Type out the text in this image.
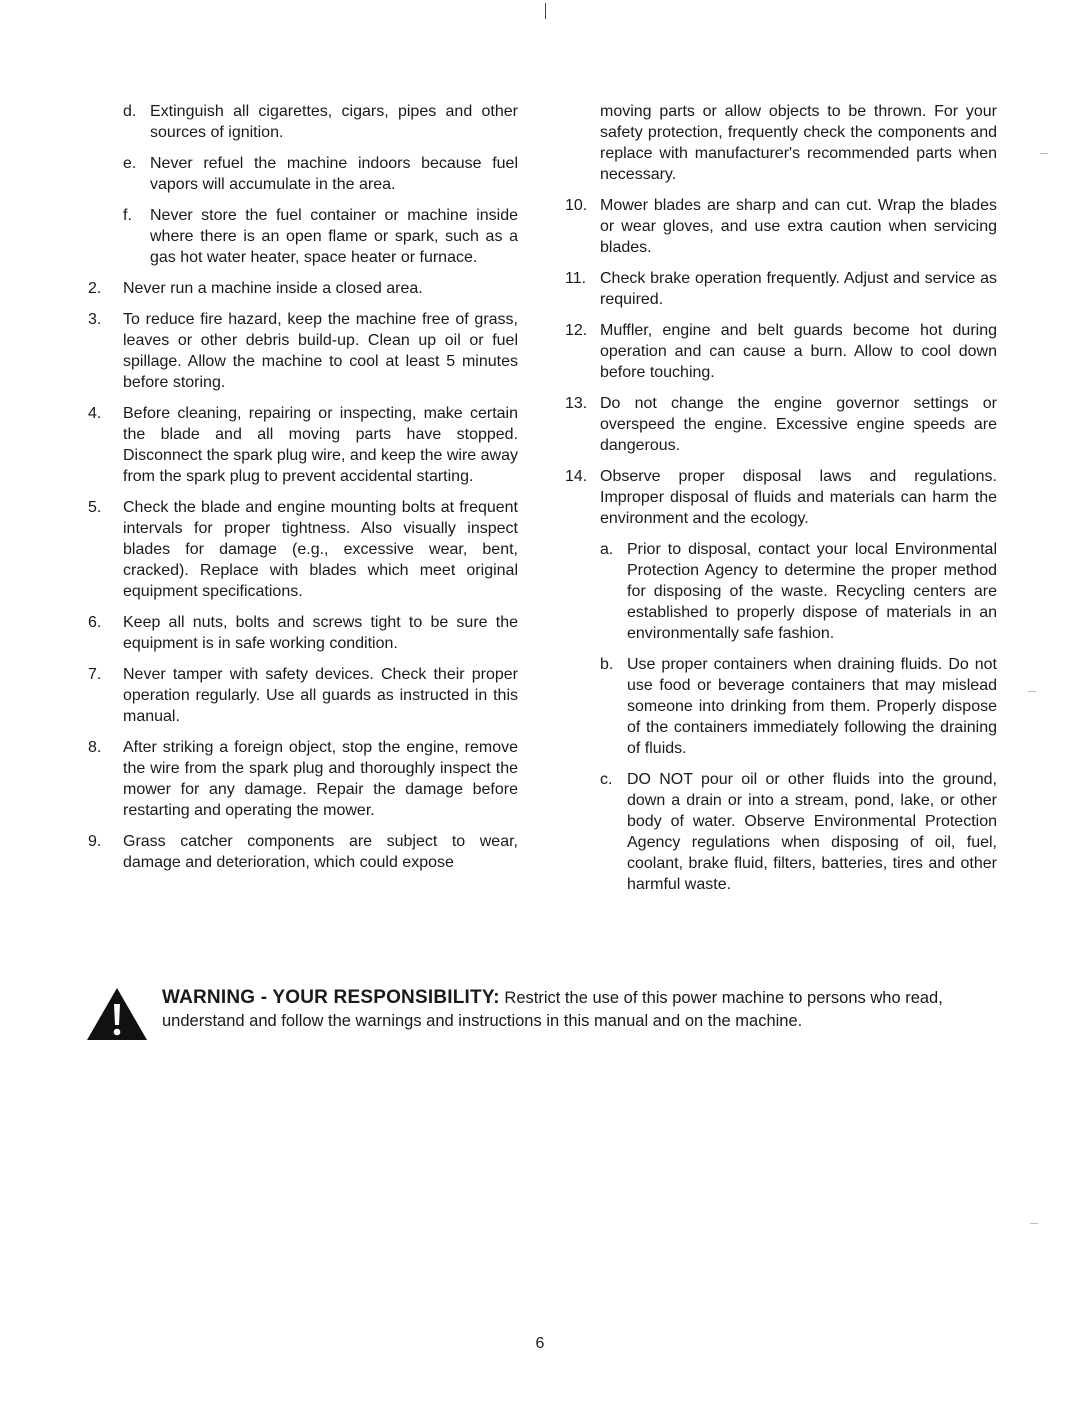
d. Extinguish all cigarettes, cigars, pipes and other sources of ignition.
e. Never refuel the machine indoors because fuel vapors will accumulate in the area.
f.	Never store the fuel container or machine inside where there is an open flame or spark, such as a gas hot water heater, space heater or furnace.
2.	Never run a machine inside a closed area.
3.	To reduce fire hazard, keep the machine free of grass, leaves or other debris build-up. Clean up oil or fuel spillage. Allow the machine to cool at least 5 minutes before storing.
4.	Before cleaning, repairing or inspecting, make certain the blade and all moving parts have stopped. Disconnect the spark plug wire, and keep the wire away from the spark plug to prevent accidental starting.
5.	Check the blade and engine mounting bolts at frequent intervals for proper tightness. Also visually inspect blades for damage (e.g., excessive wear, bent, cracked). Replace with blades which meet original equipment specifications.
6.	Keep all nuts, bolts and screws tight to be sure the equipment is in safe working condition.
7.	Never tamper with safety devices. Check their proper operation regularly. Use all guards as instructed in this manual.
8.	After striking a foreign object, stop the engine, remove the wire from the spark plug and thoroughly inspect the mower for any damage. Repair the damage before restarting and operating the mower.
9.	Grass catcher components are subject to wear, damage and deterioration, which could expose
moving parts or allow objects to be thrown. For your safety protection, frequently check the components and replace with manufacturer's recommended parts when necessary.
10. Mower blades are sharp and can cut. Wrap the blades or wear gloves, and use extra caution when servicing blades.
11. Check brake operation frequently. Adjust and service as required.
12. Muffler, engine and belt guards become hot during operation and can cause a burn. Allow to cool down before touching.
13. Do not change the engine governor settings or overspeed the engine. Excessive engine speeds are dangerous.
14. Observe proper disposal laws and regulations. Improper disposal of fluids and materials can harm the environment and the ecology.
a. Prior to disposal, contact your local Environmental Protection Agency to determine the proper method for disposing of the waste. Recycling centers are established to properly dispose of materials in an environmentally safe fashion.
b. Use proper containers when draining fluids. Do not use food or beverage containers that may mislead someone into drinking from them. Properly dispose of the containers immediately following the draining of fluids.
c. DO NOT pour oil or other fluids into the ground, down a drain or into a stream, pond, lake, or other body of water. Observe Environmental Protection Agency regulations when disposing of oil, fuel, coolant, brake fluid, filters, batteries, tires and other harmful waste.
WARNING - YOUR RESPONSIBILITY: Restrict the use of this power machine to persons who read, understand and follow the warnings and instructions in this manual and on the machine.
6
